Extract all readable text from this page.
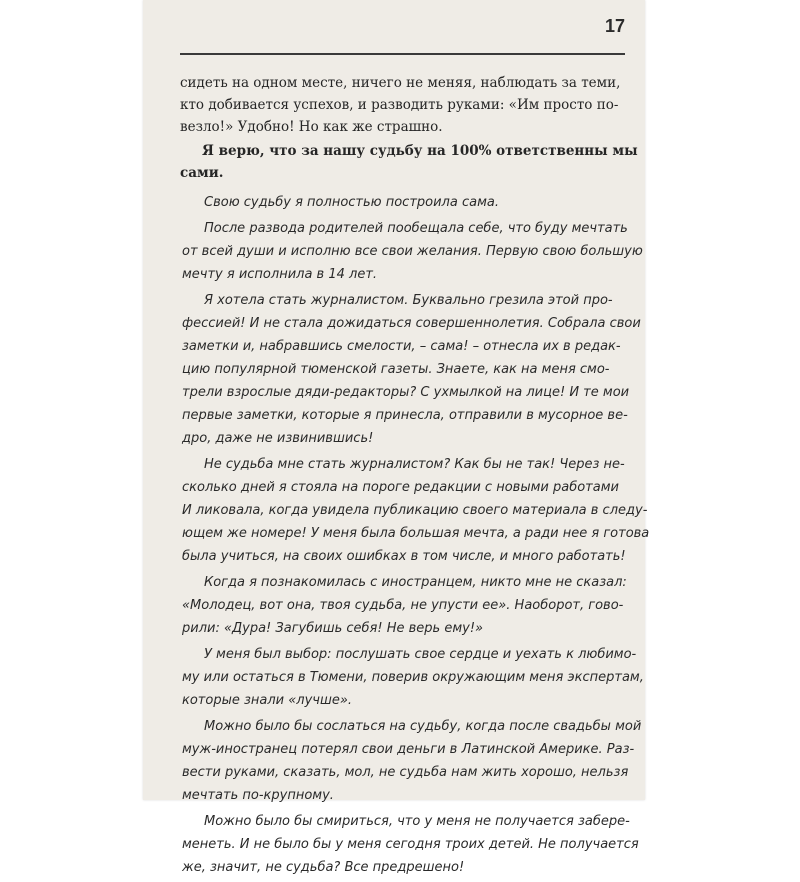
17

сидеть на одном месте, ничего не меняя, наблюдать за теми,
кто добивается успехов, и разводить руками: «Им просто по-
везло!» Удобно! Но как же страшно.

Я верю, что за нашу судьбу на 100% ответственны мы
сами.

Свою судьбу я полностью построила сама.

После развода родителей пообещала себе, что буду мечтать
от всей души и исполню все свои желания. Первую свою большую
мечту я исполнила в 14 лет.

Я хотела стать журналистом. Буквально грезила этой про-
фессией! И не стала дожидаться совершеннолетия. Собрала свои
заметки и, набравшись смелости, – сама! – отнесла их в редак-
цию популярной тюменской газеты. Знаете, как на меня смо-
трели взрослые дяди-редакторы? С ухмылкой на лице! И те мои
первые заметки, которые я принесла, отправили в мусорное ве-
дро, даже не извинившись!

Не судьба мне стать журналистом? Как бы не так! Через не-
сколько дней я стояла на пороге редакции с новыми работами
И ликовала, когда увидела публикацию своего материала в следу-
ющем же номере! У меня была большая мечта, а ради нее я готова
была учиться, на своих ошибках в том числе, и много работать!

Когда я познакомилась с иностранцем, никто мне не сказал:
«Молодец, вот она, твоя судьба, не упусти ее». Наоборот, гово-
рили: «Дура! Загубишь себя! Не верь ему!»

У меня был выбор: послушать свое сердце и уехать к любимо-
му или остаться в Тюмени, поверив окружающим меня экспертам,
которые знали «лучше».

Можно было бы сослаться на судьбу, когда после свадьбы мой
муж-иностранец потерял свои деньги в Латинской Америке. Раз-
вести руками, сказать, мол, не судьба нам жить хорошо, нельзя
мечтать по-крупному.

Можно было бы смириться, что у меня не получается забере-
менеть. И не было бы у меня сегодня троих детей. Не получается
же, значит, не судьба? Все предрешено!
